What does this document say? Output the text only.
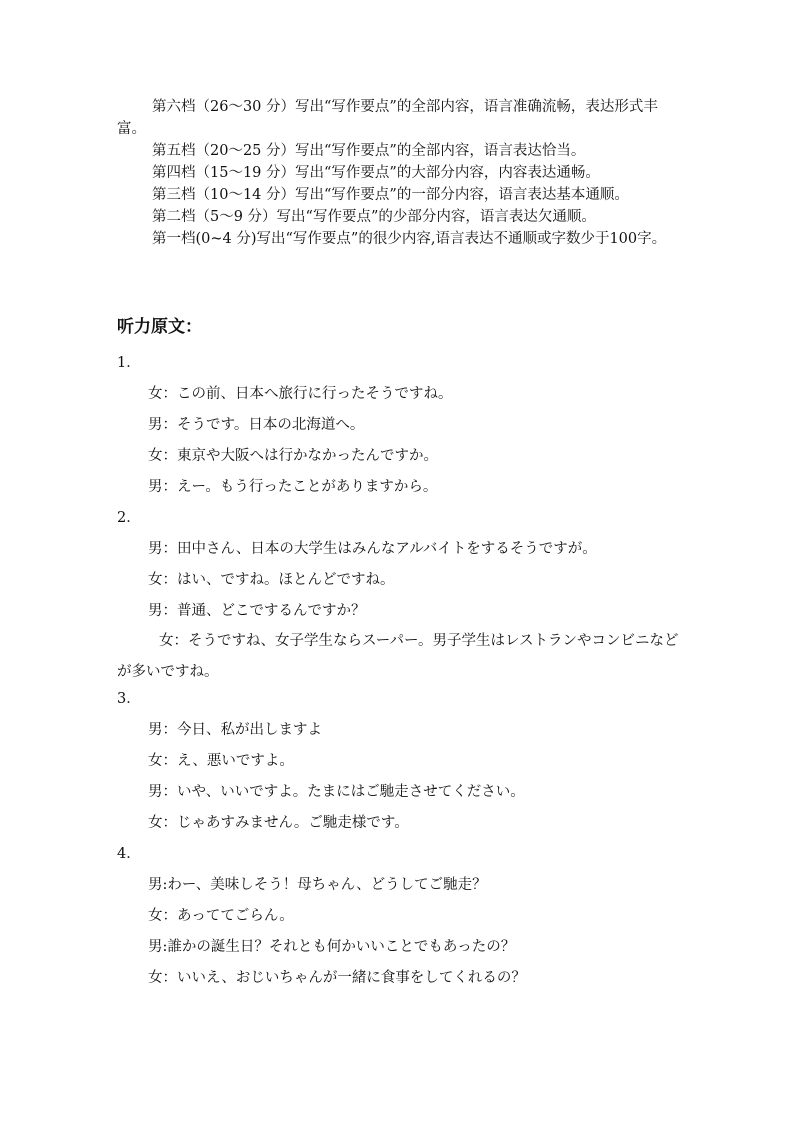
第六档（26～30 分）写出“写作要点”的全部内容，语言准确流畅，表达形式丰富。

第五档（20～25 分）写出“写作要点”的全部内容，语言表达恰当。

第四档（15～19 分）写出“写作要点”的大部分内容，内容表达通畅。

第三档（10～14 分）写出“写作要点”的一部分内容，语言表达基本通顺。

第二档（5～9 分）写出“写作要点”的少部分内容，语言表达欠通顺。

第一档(0~4 分)写出“写作要点”的很少内容,语言表达不通顺或字数少于100字。

听力原文：

1．

女：この前、日本へ旅行に行ったそうですね。

男：そうです。日本の北海道へ。

女：東京や大阪へは行かなかったんですか。

男：えー。もう行ったことがありますから。

2．

男：田中さん、日本の大学生はみんなアルバイトをするそうですが。

女：はい、ですね。ほとんどですね。

男：普通、どこでするんですか？

女：そうですね、女子学生ならスーパー。男子学生はレストランやコンビニなどが多いですね。

3．

男：今日、私が出しますよ

女：え、悪いですよ。

男：いや、いいですよ。たまにはご馳走させてください。

女：じゃあすみません。ご馳走様です。

4．

男:わー、美味しそう！母ちゃん、どうしてご馳走？

女：あっててごらん。

男:誰かの誕生日？それとも何かいいことでもあったの？

女：いいえ、おじいちゃんが一緒に食事をしてくれるの？
